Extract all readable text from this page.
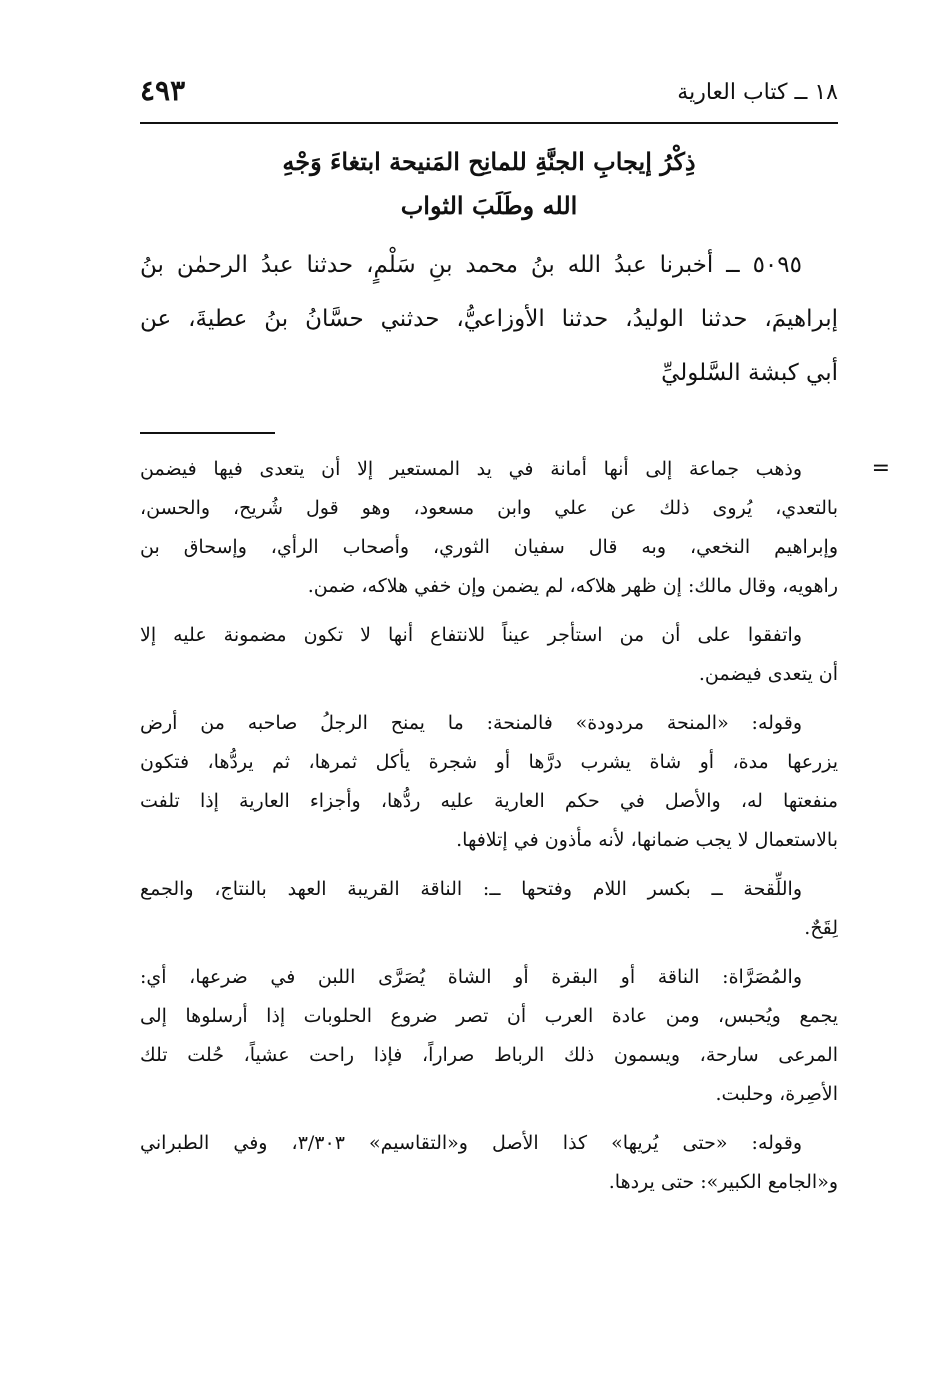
١٨ ــ كتاب العارية
٤٩٣
ذِكْرُ إيجابِ الجنَّةِ للمانِح المَنيحة ابتغاءَ وَجْهِ
الله وطَلَبَ الثواب
٥٠٩٥ ــ أخبرنا عبدُ الله بنُ محمد بنِ سَلْمٍ، حدثنا عبدُ الرحمٰن بنُ
إبراهيمَ، حدثنا الوليدُ، حدثنا الأوزاعيُّ، حدثني حسَّانُ بنُ عطيةَ، عن
أبي كبشة السَّلوليِّ
=
وذهب جماعة إلى أنها أمانة في يد المستعير إلا أن يتعدى فيها فيضمن
بالتعدي، يُروى ذلك عن علي وابن مسعود، وهو قول شُريح، والحسن،
وإبراهيم النخعي، وبه قال سفيان الثوري، وأصحاب الرأي، وإسحاق بن
راهويه، وقال مالك: إن ظهر هلاكه، لم يضمن وإن خفي هلاكه، ضمن.
واتفقوا على أن من استأجر عيناً للانتفاع أنها لا تكون مضمونة عليه إلا
أن يتعدى فيضمن.
وقوله: «المنحة مردودة» فالمنحة: ما يمنح الرجلُ صاحبه من أرض
يزرعها مدة، أو شاة يشرب درَّها أو شجرة يأكل ثمرها، ثم يردُّها، فتكون
منفعتها له، والأصل في حكم العارية عليه ردُّها، وأجزاء العارية إذا تلفت
بالاستعمال لا يجب ضمانها، لأنه مأذون في إتلافها.
واللِّقحة ــ بكسر اللام وفتحها ــ: الناقة القريبة العهد بالنتاج، والجمع
لِقَحٌ.
والمُصَرَّاة: الناقة أو البقرة أو الشاة يُصَرَّى اللبن في ضرعها، أي:
يجمع ويُحبس، ومن عادة العرب أن تصر ضروع الحلوبات إذا أرسلوها إلى
المرعى سارحة، ويسمون ذلك الرباط صراراً، فإذا راحت عشياً، حُلت تلك
الأصِرة، وحلبت.
وقوله: «حتى يُريها» كذا الأصل و«التقاسيم» ٣/٣٠٣، وفي الطبراني
و«الجامع الكبير»: حتى يردها.
